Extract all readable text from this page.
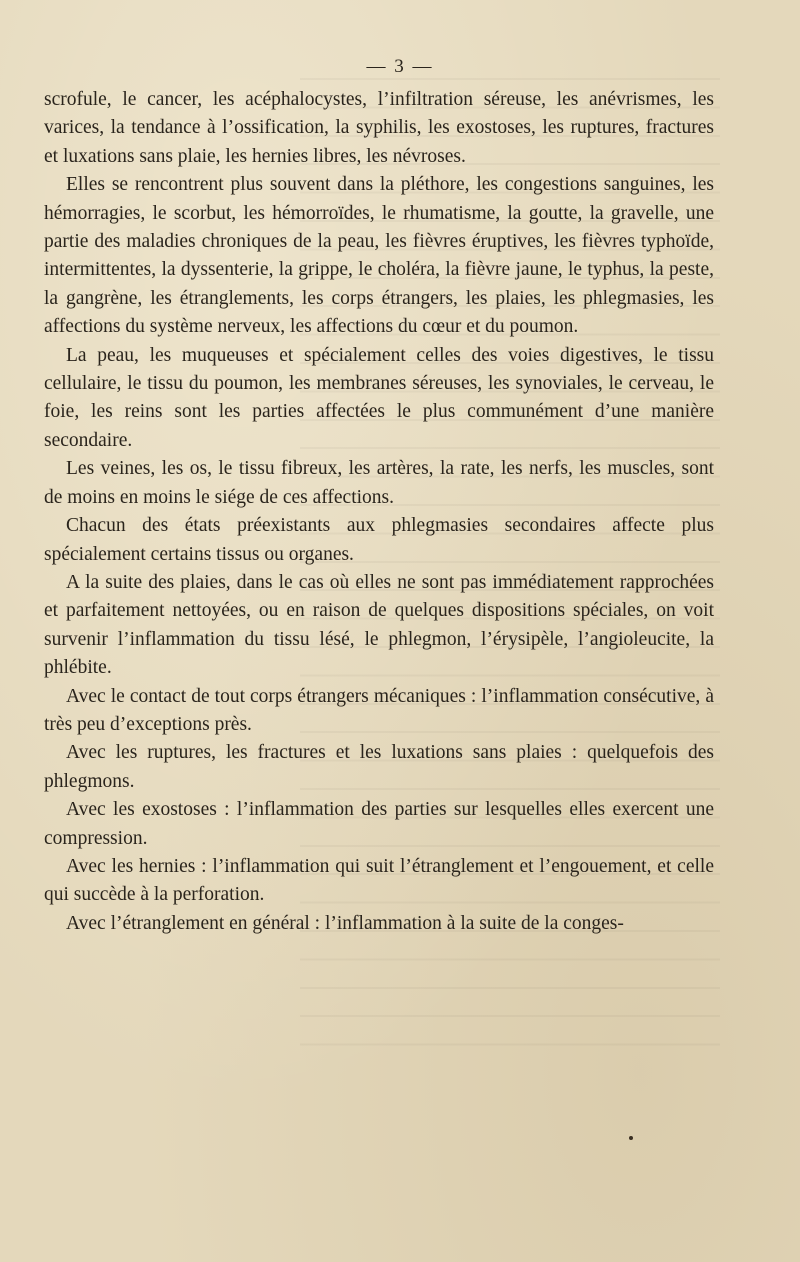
— 3 —

scrofule, le cancer, les acéphalocystes, l’infiltration séreuse, les anévrismes, les varices, la tendance à l’ossification, la syphilis, les exostoses, les ruptures, fractures et luxations sans plaie, les hernies libres, les névroses.

Elles se rencontrent plus souvent dans la pléthore, les congestions sanguines, les hémorragies, le scorbut, les hémorroïdes, le rhumatisme, la goutte, la gravelle, une partie des maladies chroniques de la peau, les fièvres éruptives, les fièvres typhoïde, intermittentes, la dyssenterie, la grippe, le choléra, la fièvre jaune, le typhus, la peste, la gangrène, les étranglements, les corps étrangers, les plaies, les phlegmasies, les affections du système nerveux, les affections du cœur et du poumon.

La peau, les muqueuses et spécialement celles des voies digestives, le tissu cellulaire, le tissu du poumon, les membranes séreuses, les synoviales, le cerveau, le foie, les reins sont les parties affectées le plus communément d’une manière secondaire.

Les veines, les os, le tissu fibreux, les artères, la rate, les nerfs, les muscles, sont de moins en moins le siége de ces affections.

Chacun des états préexistants aux phlegmasies secondaires affecte plus spécialement certains tissus ou organes.

A la suite des plaies, dans le cas où elles ne sont pas immédiatement rapprochées et parfaitement nettoyées, ou en raison de quelques dispositions spéciales, on voit survenir l’inflammation du tissu lésé, le phlegmon, l’érysipèle, l’angioleucite, la phlébite.

Avec le contact de tout corps étrangers mécaniques : l’inflammation consécutive, à très peu d’exceptions près.

Avec les ruptures, les fractures et les luxations sans plaies : quelquefois des phlegmons.

Avec les exostoses : l’inflammation des parties sur lesquelles elles exercent une compression.

Avec les hernies : l’inflammation qui suit l’étranglement et l’engouement, et celle qui succède à la perforation.

Avec l’étranglement en général : l’inflammation à la suite de la conges-
